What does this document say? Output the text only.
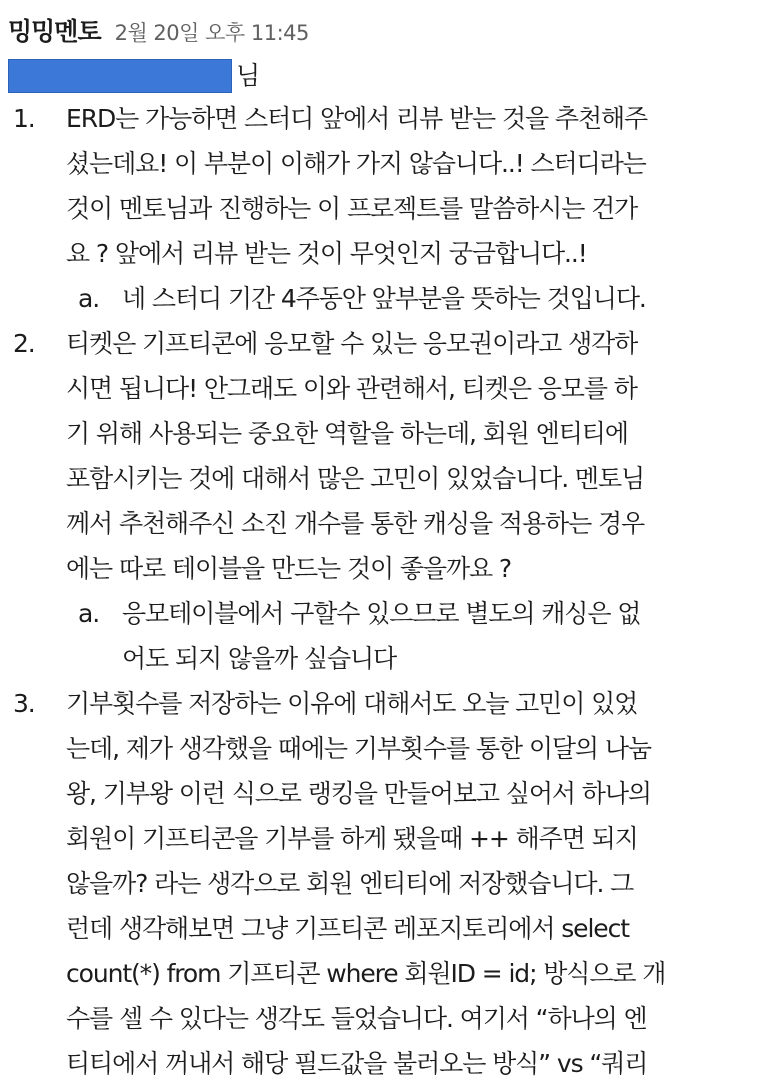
밍밍멘토 2월 20일 오후 11:45
님
1.	ERD는 가능하면 스터디 앞에서 리뷰 받는 것을 추천해주
셨는데요! 이 부분이 이해가 가지 않습니다..! 스터디라는
것이 멘토님과 진행하는 이 프로젝트를 말씀하시는 건가
요 ? 앞에서 리뷰 받는 것이 무엇인지 궁금합니다..!
a. 네 스터디 기간 4주동안 앞부분을 뜻하는 것입니다.
2.	티켓은 기프티콘에 응모할 수 있는 응모권이라고 생각하
시면 됩니다! 안그래도 이와 관련해서, 티켓은 응모를 하
기 위해 사용되는 중요한 역할을 하는데, 회원 엔티티에
포함시키는 것에 대해서 많은 고민이 있었습니다. 멘토님
께서 추천해주신 소진 개수를 통한 캐싱을 적용하는 경우
에는 따로 테이블을 만드는 것이 좋을까요 ?
a. 응모테이블에서 구할수 있으므로 별도의 캐싱은 없
어도 되지 않을까 싶습니다
3.	기부횟수를 저장하는 이유에 대해서도 오늘 고민이 있었
는데, 제가 생각했을 때에는 기부횟수를 통한 이달의 나눔
왕, 기부왕 이런 식으로 랭킹을 만들어보고 싶어서 하나의
회원이 기프티콘을 기부를 하게 됐을때 ++ 해주면 되지
않을까? 라는 생각으로 회원 엔티티에 저장했습니다. 그
런데 생각해보면 그냥 기프티콘 레포지토리에서 select
count(*) from 기프티콘 where 회원ID = id; 방식으로 개
수를 셀 수 있다는 생각도 들었습니다. 여기서 “하나의 엔
티티에서 꺼내서 해당 필드값을 불러오는 방식” vs “쿼리
